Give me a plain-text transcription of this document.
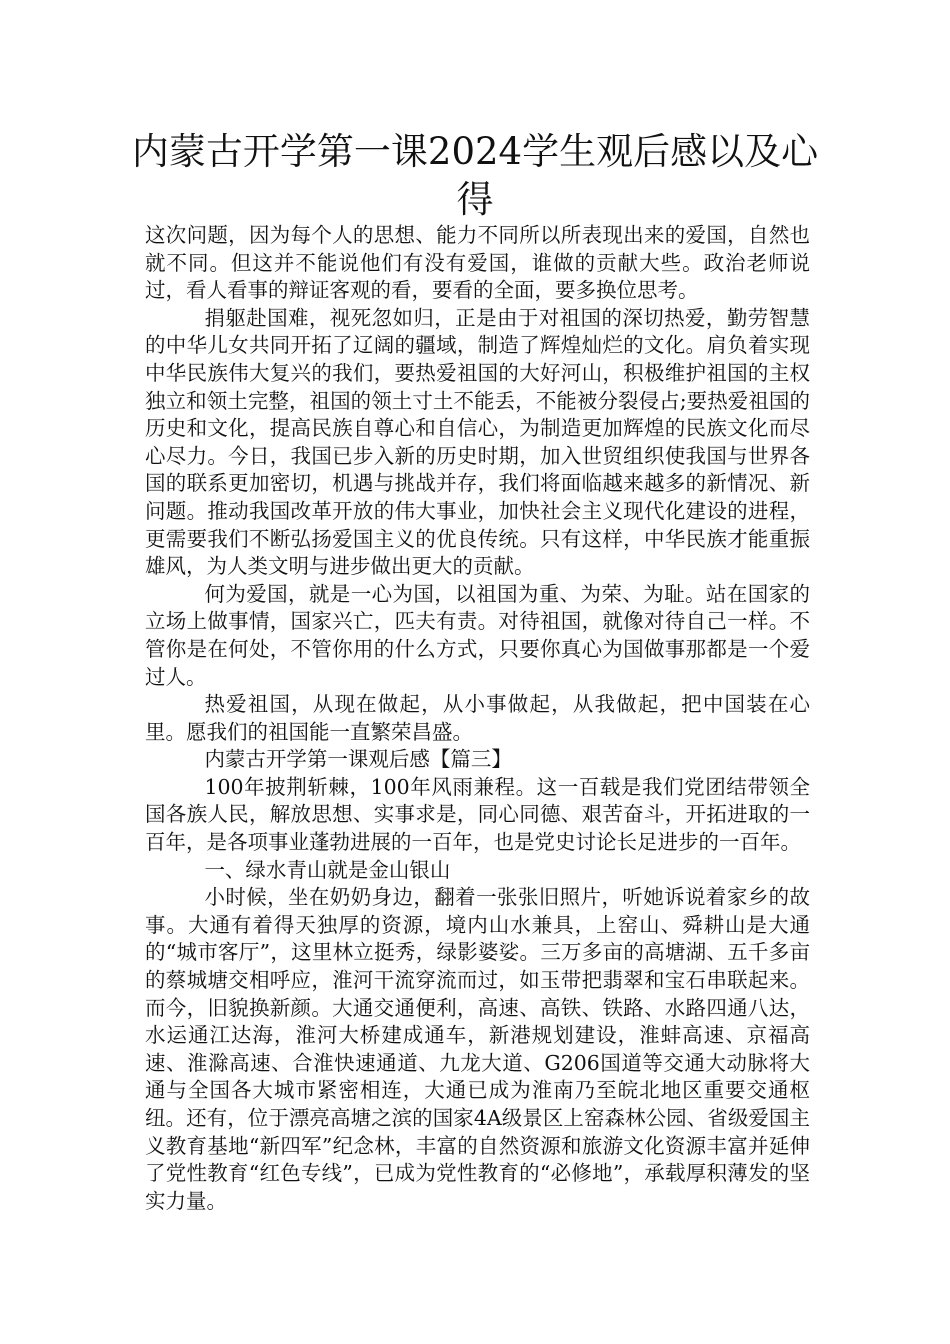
内蒙古开学第一课2024学生观后感以及心得

这次问题，因为每个人的思想、能力不同所以所表现出来的爱国，自然也就不同。但这并不能说他们有没有爱国，谁做的贡献大些。政治老师说过，看人看事的辩证客观的看，要看的全面，要多换位思考。

捐躯赴国难，视死忽如归，正是由于对祖国的深切热爱，勤劳智慧的中华儿女共同开拓了辽阔的疆域，制造了辉煌灿烂的文化。肩负着实现中华民族伟大复兴的我们，要热爱祖国的大好河山，积极维护祖国的主权独立和领土完整，祖国的领土寸土不能丢，不能被分裂侵占;要热爱祖国的历史和文化，提高民族自尊心和自信心，为制造更加辉煌的民族文化而尽心尽力。今日，我国已步入新的历史时期，加入世贸组织使我国与世界各国的联系更加密切，机遇与挑战并存，我们将面临越来越多的新情况、新问题。推动我国改革开放的伟大事业，加快社会主义现代化建设的进程，更需要我们不断弘扬爱国主义的优良传统。只有这样，中华民族才能重振雄风，为人类文明与进步做出更大的贡献。

何为爱国，就是一心为国，以祖国为重、为荣、为耻。站在国家的立场上做事情，国家兴亡，匹夫有责。对待祖国，就像对待自己一样。不管你是在何处，不管你用的什么方式，只要你真心为国做事那都是一个爱过人。

热爱祖国，从现在做起，从小事做起，从我做起，把中国装在心里。愿我们的祖国能一直繁荣昌盛。

内蒙古开学第一课观后感【篇三】

100年披荆斩棘，100年风雨兼程。这一百载是我们党团结带领全国各族人民，解放思想、实事求是，同心同德、艰苦奋斗，开拓进取的一百年，是各项事业蓬勃进展的一百年，也是党史讨论长足进步的一百年。

一、绿水青山就是金山银山

小时候，坐在奶奶身边，翻着一张张旧照片，听她诉说着家乡的故事。大通有着得天独厚的资源，境内山水兼具，上窑山、舜耕山是大通的“城市客厅”，这里林立挺秀，绿影婆娑。三万多亩的高塘湖、五千多亩的蔡城塘交相呼应，淮河干流穿流而过，如玉带把翡翠和宝石串联起来。而今，旧貌换新颜。大通交通便利，高速、高铁、铁路、水路四通八达，水运通江达海，淮河大桥建成通车，新港规划建设，淮蚌高速、京福高速、淮滁高速、合淮快速通道、九龙大道、G206国道等交通大动脉将大通与全国各大城市紧密相连，大通已成为淮南乃至皖北地区重要交通枢纽。还有，位于漂亮高塘之滨的国家4A级景区上窑森林公园、省级爱国主义教育基地“新四军”纪念林，丰富的自然资源和旅游文化资源丰富并延伸了党性教育“红色专线”，已成为党性教育的“必修地”，承载厚积薄发的坚实力量。
